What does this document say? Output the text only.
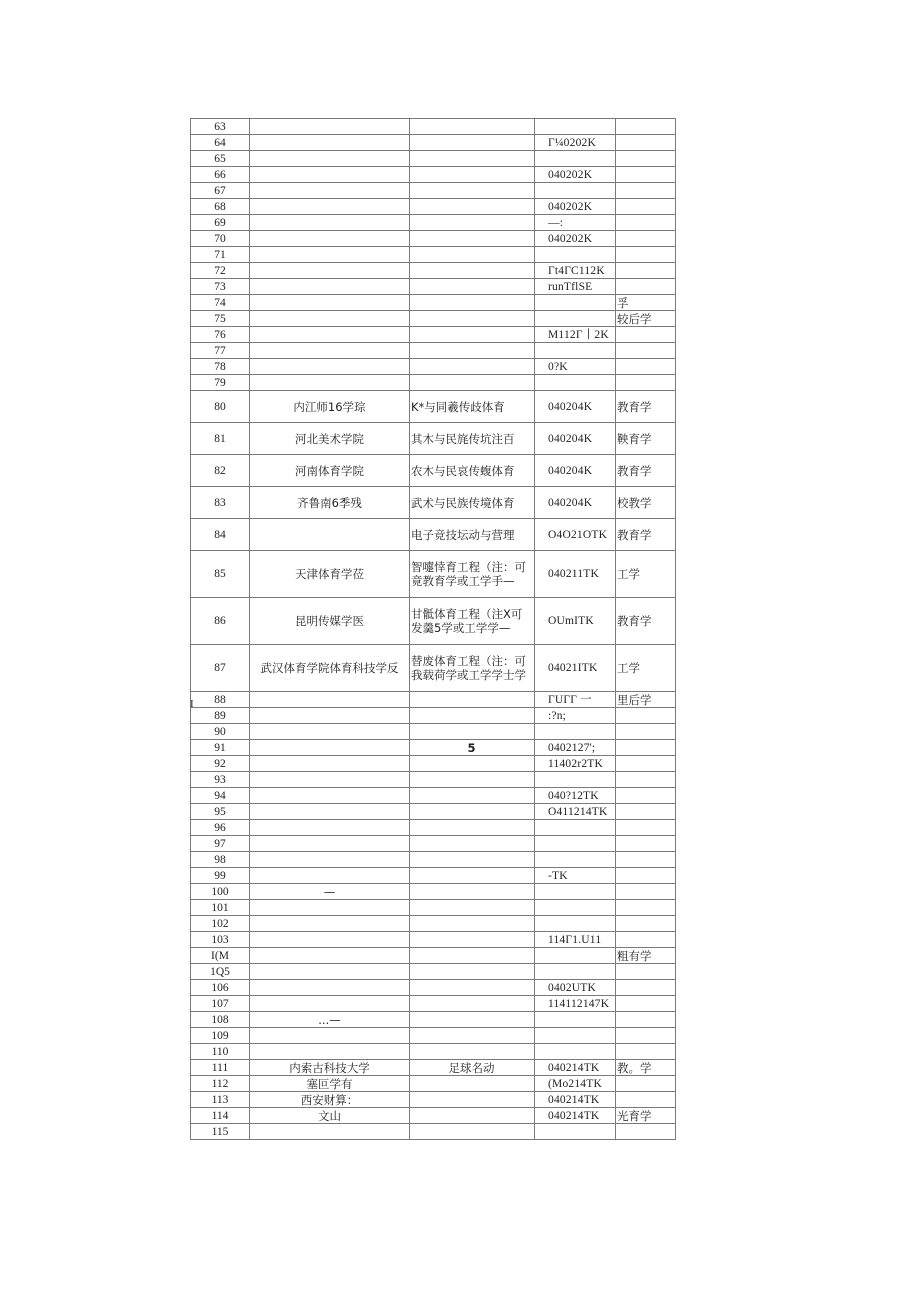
63				
64			Γ¼0202K	
65				
66			040202K	
67				
68			040202K	
69			—:	
70			040202K	
71				
72			Γt4ΓC112K	
73			runTflSE	
74				孚
75				较后学
76			M112Γ丨2K	
77				
78			0?K	
79				
80	内江师16学琮	K*与同羲传歧体育	040204K	教育学
81	河北美术学院	其木与民旄传坑注百	040204K	鞅育学
82	河南体育学院	农木与民哀传蝮体育	040204K	教育学
83	齐鲁南6季残	武术与民族传境体育	040204K	校教学
84		电子竞技坛动与营理	O4O21OTK	教育学
85	天津体育学莅	智嚏悻育工程（注：可竟教育学或工学手—	040211TK	工学
86	昆明传媒学医	甘骶体育工程（注X可发羹5学或工学学—	OUmITK	教育学
87	武汉体育学院体育科技学反	替废体育工程（注：可我载荷学或工学学士学	04021ITK	工学
88			ΓUΓΓ 一	里后学
89			:?n;	
90				
91		5	0402127';	
92			11402r2TK	
93				
94			040?12TK	
95			O411214TK	
96				
97				
98				
99			-TK	
100	—			
101				
102				
103			114Γ1.U11	
I(M				粗有学
1Q5				
106			0402UTK	
107			114112147K	
108	...—			
109				
110				
111	内索古科技大学	足球名动	040214TK	教。学
112	塞叵学有		(Mo214TK	
113	西安财算：		040214TK	
114	文山		040214TK	光育学
115				
I
